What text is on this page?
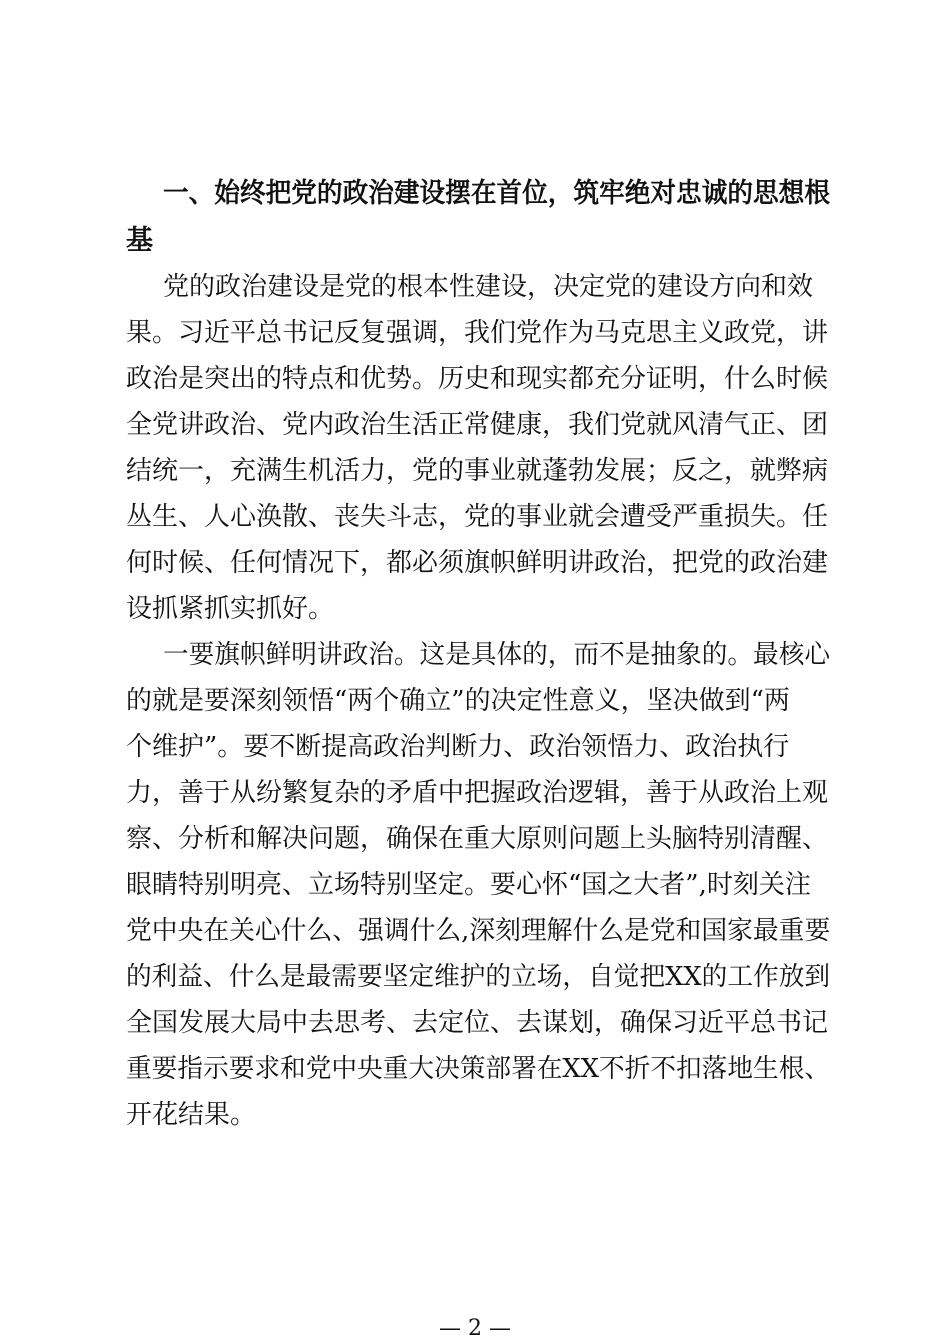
一、始终把党的政治建设摆在首位，筑牢绝对忠诚的思想根
基
党的政治建设是党的根本性建设，决定党的建设方向和效
果。习近平总书记反复强调，我们党作为马克思主义政党，讲
政治是突出的特点和优势。历史和现实都充分证明，什么时候
全党讲政治、党内政治生活正常健康，我们党就风清气正、团
结统一，充满生机活力，党的事业就蓬勃发展；反之，就弊病
丛生、人心涣散、丧失斗志，党的事业就会遭受严重损失。任
何时候、任何情况下，都必须旗帜鲜明讲政治，把党的政治建
设抓紧抓实抓好。
一要旗帜鲜明讲政治。这是具体的，而不是抽象的。最核心
的就是要深刻领悟“两个确立”的决定性意义，坚决做到“两
个维护”。要不断提高政治判断力、政治领悟力、政治执行
力，善于从纷繁复杂的矛盾中把握政治逻辑，善于从政治上观
察、分析和解决问题，确保在重大原则问题上头脑特别清醒、
眼睛特别明亮、立场特别坚定。要心怀“国之大者”,时刻关注
党中央在关心什么、强调什么,深刻理解什么是党和国家最重要
的利益、什么是最需要坚定维护的立场，自觉把XX的工作放到
全国发展大局中去思考、去定位、去谋划，确保习近平总书记
重要指示要求和党中央重大决策部署在XX不折不扣落地生根、
开花结果。
— 2 —
